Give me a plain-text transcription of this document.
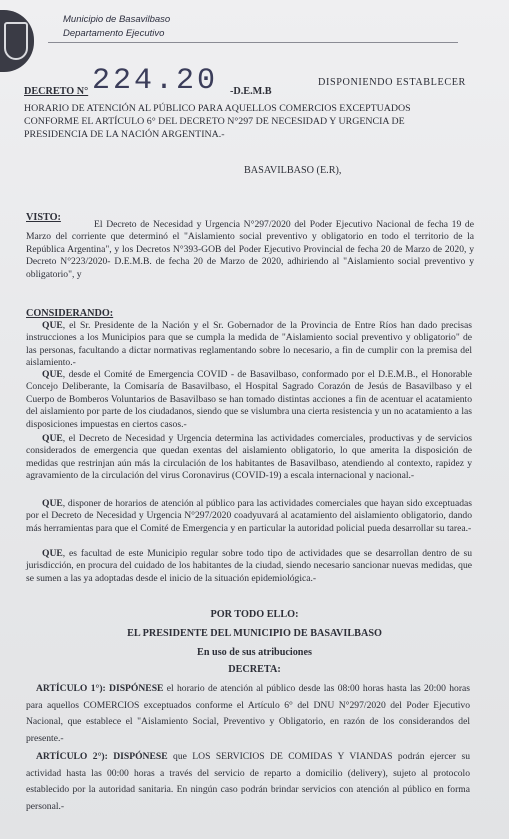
Municipio de Basavilbaso
Departamento Ejecutivo
DECRETO N° 224.20 -D.E.M.B
DISPONIENDO ESTABLECER
HORARIO DE ATENCIÓN AL PÚBLICO PARA AQUELLOS COMERCIOS EXCEPTUADOS
CONFORME EL ARTÍCULO 6° DEL DECRETO N°297 DE NECESIDAD Y URGENCIA DE
PRESIDENCIA DE LA NACIÓN ARGENTINA.-
BASAVILBASO (E.R),
VISTO:
El Decreto de Necesidad y Urgencia N°297/2020 del Poder Ejecutivo Nacional de fecha 19 de Marzo del corriente que determinó el "Aislamiento social preventivo y obligatorio en todo el territorio de la República Argentina", y los Decretos N°393-GOB del Poder Ejecutivo Provincial de fecha 20 de Marzo de 2020, y Decreto N°223/2020- D.E.M.B. de fecha 20 de Marzo de 2020, adhiriendo al "Aislamiento social preventivo y obligatorio", y
CONSIDERANDO:
QUE, el Sr. Presidente de la Nación y el Sr. Gobernador de la Provincia de Entre Ríos han dado precisas instrucciones a los Municipios para que se cumpla la medida de "Aislamiento social preventivo y obligatorio" de las personas, facultando a dictar normativas reglamentando sobre lo necesario, a fin de cumplir con la premisa del aislamiento.-
QUE, desde el Comité de Emergencia COVID - de Basavilbaso, conformado por el D.E.M.B., el Honorable Concejo Deliberante, la Comisaría de Basavilbaso, el Hospital Sagrado Corazón de Jesús de Basavilbaso y el Cuerpo de Bomberos Voluntarios de Basavilbaso se han tomado distintas acciones a fin de acentuar el acatamiento del aislamiento por parte de los ciudadanos, siendo que se vislumbra una cierta resistencia y un no acatamiento a las disposiciones impuestas en ciertos casos.-
QUE, el Decreto de Necesidad y Urgencia determina las actividades comerciales, productivas y de servicios considerados de emergencia que quedan exentas del aislamiento obligatorio, lo que amerita la disposición de medidas que restrinjan aún más la circulación de los habitantes de Basavilbaso, atendiendo al contexto, rapidez y agravamiento de la circulación del virus Coronavirus (COVID-19) a escala internacional y nacional.-
QUE, disponer de horarios de atención al público para las actividades comerciales que hayan sido exceptuadas por el Decreto de Necesidad y Urgencia N°297/2020 coadyuvará al acatamiento del aislamiento obligatorio, dando más herramientas para que el Comité de Emergencia y en particular la autoridad policial pueda desarrollar su tarea.-
QUE, es facultad de este Municipio regular sobre todo tipo de actividades que se desarrollan dentro de su jurisdicción, en procura del cuidado de los habitantes de la ciudad, siendo necesario sancionar nuevas medidas, que se sumen a las ya adoptadas desde el inicio de la situación epidemiológica.-
POR TODO ELLO:
EL PRESIDENTE DEL MUNICIPIO DE BASAVILBASO
En uso de sus atribuciones
DECRETA:
ARTÍCULO 1°): DISPÓNESE el horario de atención al público desde las 08:00 horas hasta las 20:00 horas para aquellos COMERCIOS exceptuados conforme el Artículo 6° del DNU N°297/2020 del Poder Ejecutivo Nacional, que establece el "Aislamiento Social, Preventivo y Obligatorio, en razón de los considerandos del presente.-
ARTÍCULO 2°): DISPÓNESE que LOS SERVICIOS DE COMIDAS Y VIANDAS podrán ejercer su actividad hasta las 00:00 horas a través del servicio de reparto a domicilio (delivery), sujeto al protocolo establecido por la autoridad sanitaria. En ningún caso podrán brindar servicios con atención al público en forma personal.-
